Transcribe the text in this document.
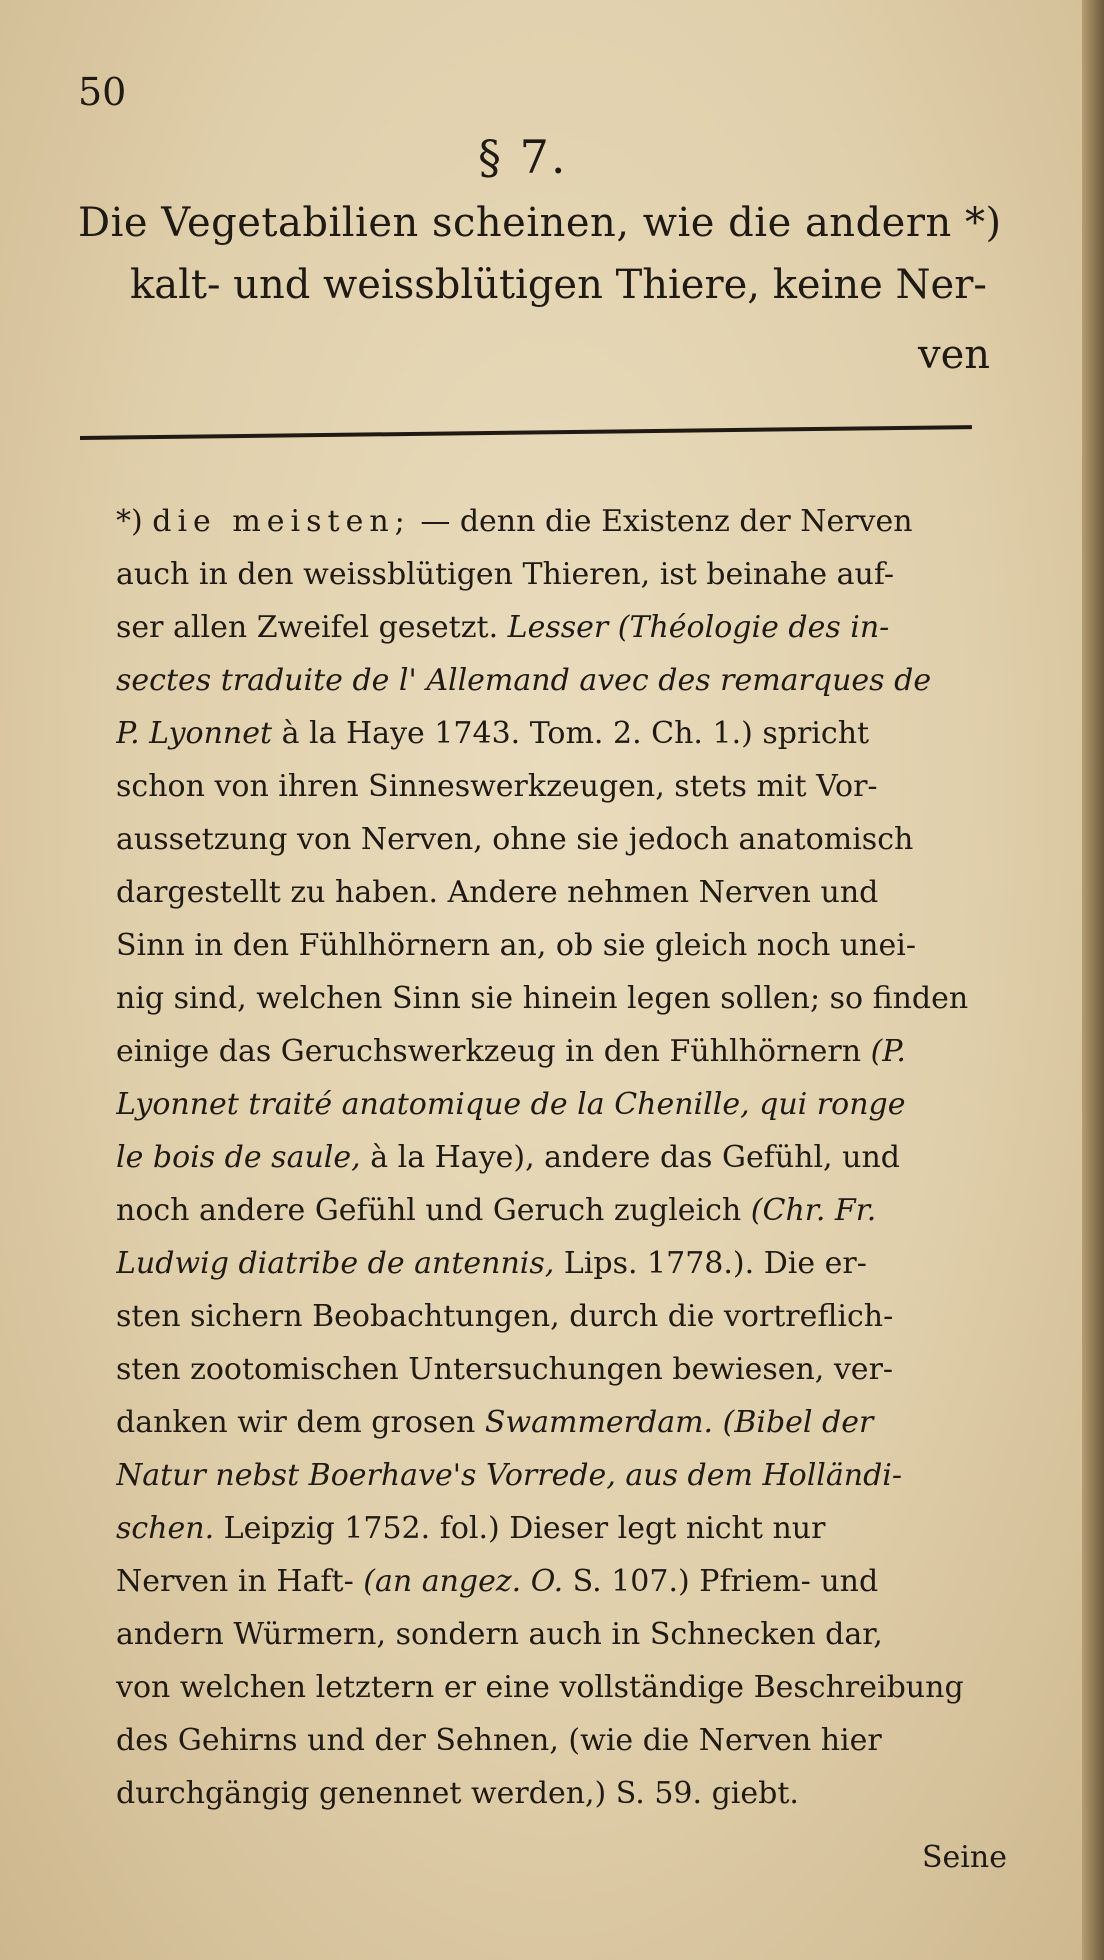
50
§ 7.
Die Vegetabilien scheinen, wie die andern *)
kalt- und weissblütigen Thiere, keine Ner-
ven
*) die meisten; — denn die Existenz der Nerven
auch in den weissblütigen Thieren, ist beinahe auf-
ser allen Zweifel gesetzt. Lesser (Théologie des in-
sectes traduite de l' Allemand avec des remarques de
P. Lyonnet à la Haye 1743. Tom. 2. Ch. 1.) spricht
schon von ihren Sinneswerkzeugen, stets mit Vor-
aussetzung von Nerven, ohne sie jedoch anatomisch
dargestellt zu haben. Andere nehmen Nerven und
Sinn in den Fühlhörnern an, ob sie gleich noch unei-
nig sind, welchen Sinn sie hinein legen sollen; so finden
einige das Geruchswerkzeug in den Fühlhörnern (P.
Lyonnet traité anatomique de la Chenille, qui ronge
le bois de saule, à la Haye), andere das Gefühl, und
noch andere Gefühl und Geruch zugleich (Chr. Fr.
Ludwig diatribe de antennis, Lips. 1778.). Die er-
sten sichern Beobachtungen, durch die vortreflich-
sten zootomischen Untersuchungen bewiesen, ver-
danken wir dem grosen Swammerdam. (Bibel der
Natur nebst Boerhave's Vorrede, aus dem Holländi-
schen. Leipzig 1752. fol.) Dieser legt nicht nur
Nerven in Haft- (an angez. O. S. 107.) Pfriem- und
andern Würmern, sondern auch in Schnecken dar,
von welchen letztern er eine vollständige Beschreibung
des Gehirns und der Sehnen, (wie die Nerven hier
durchgängig genennet werden,) S. 59. giebt.
Seine
